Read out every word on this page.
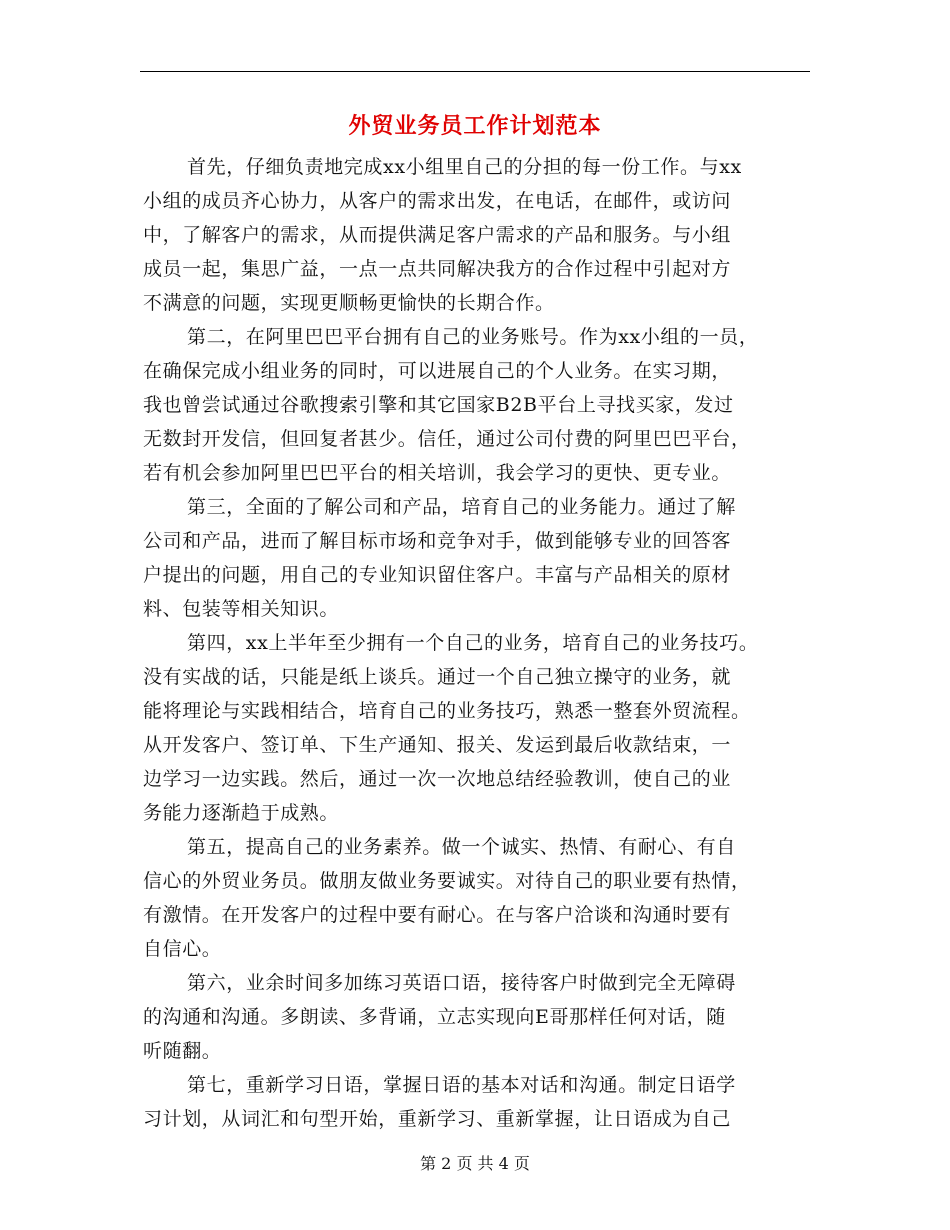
外贸业务员工作计划范本
首先，仔细负责地完成xx小组里自己的分担的每一份工作。与xx
小组的成员齐心协力，从客户的需求出发，在电话，在邮件，或访问
中，了解客户的需求，从而提供满足客户需求的产品和服务。与小组
成员一起，集思广益，一点一点共同解决我方的合作过程中引起对方
不满意的问题，实现更顺畅更愉快的长期合作。
第二，在阿里巴巴平台拥有自己的业务账号。作为xx小组的一员，
在确保完成小组业务的同时，可以进展自己的个人业务。在实习期，
我也曾尝试通过谷歌搜索引擎和其它国家B2B平台上寻找买家，发过
无数封开发信，但回复者甚少。信任，通过公司付费的阿里巴巴平台，
若有机会参加阿里巴巴平台的相关培训，我会学习的更快、更专业。
第三，全面的了解公司和产品，培育自己的业务能力。通过了解
公司和产品，进而了解目标市场和竞争对手，做到能够专业的回答客
户提出的问题，用自己的专业知识留住客户。丰富与产品相关的原材
料、包装等相关知识。
第四，xx上半年至少拥有一个自己的业务，培育自己的业务技巧。
没有实战的话，只能是纸上谈兵。通过一个自己独立操守的业务，就
能将理论与实践相结合，培育自己的业务技巧，熟悉一整套外贸流程。
从开发客户、签订单、下生产通知、报关、发运到最后收款结束，一
边学习一边实践。然后，通过一次一次地总结经验教训，使自己的业
务能力逐渐趋于成熟。
第五，提高自己的业务素养。做一个诚实、热情、有耐心、有自
信心的外贸业务员。做朋友做业务要诚实。对待自己的职业要有热情，
有激情。在开发客户的过程中要有耐心。在与客户洽谈和沟通时要有
自信心。
第六，业余时间多加练习英语口语，接待客户时做到完全无障碍
的沟通和沟通。多朗读、多背诵，立志实现向E哥那样任何对话，随
听随翻。
第七，重新学习日语，掌握日语的基本对话和沟通。制定日语学
习计划，从词汇和句型开始，重新学习、重新掌握，让日语成为自己
第 2 页 共 4 页
